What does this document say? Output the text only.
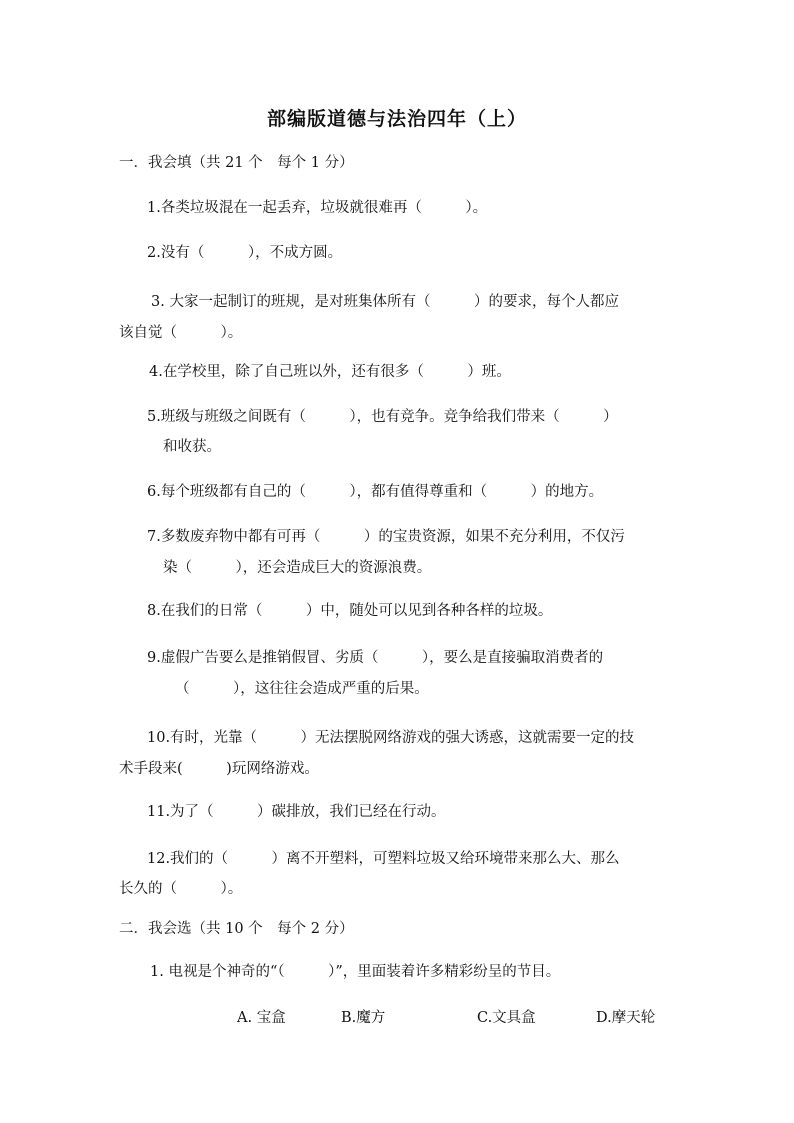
部编版道德与法治四年（上）
一．我会填（共 21 个　每个 1 分）
1.各类垃圾混在一起丢弃，垃圾就很难再（　　　）。
2.没有（　　　），不成方圆。
3. 大家一起制订的班规，是对班集体所有（　　　）的要求，每个人都应
该自觉（　　　）。
4.在学校里，除了自己班以外，还有很多（　　　）班。
5.班级与班级之间既有（　　　），也有竞争。竞争给我们带来（　　　）
和收获。
6.每个班级都有自己的（　　　），都有值得尊重和（　　　）的地方。
7.多数废弃物中都有可再（　　　）的宝贵资源，如果不充分利用，不仅污
染（　　　），还会造成巨大的资源浪费。
8.在我们的日常（　　　）中，随处可以见到各种各样的垃圾。
9.虚假广告要么是推销假冒、劣质（　　　），要么是直接骗取消费者的
（　　　），这往往会造成严重的后果。
10.有时，光靠（　　　）无法摆脱网络游戏的强大诱惑，这就需要一定的技
术手段来(　　　)玩网络游戏。
11.为了（　　　）碳排放，我们已经在行动。
12.我们的（　　　）离不开塑料，可塑料垃圾又给环境带来那么大、那么
长久的（　　　）。
二．我会选（共 10 个　每个 2 分）
1. 电视是个神奇的“（　　　）”，里面装着许多精彩纷呈的节目。
A. 宝盒	B.魔方	C.文具盒	D.摩天轮
